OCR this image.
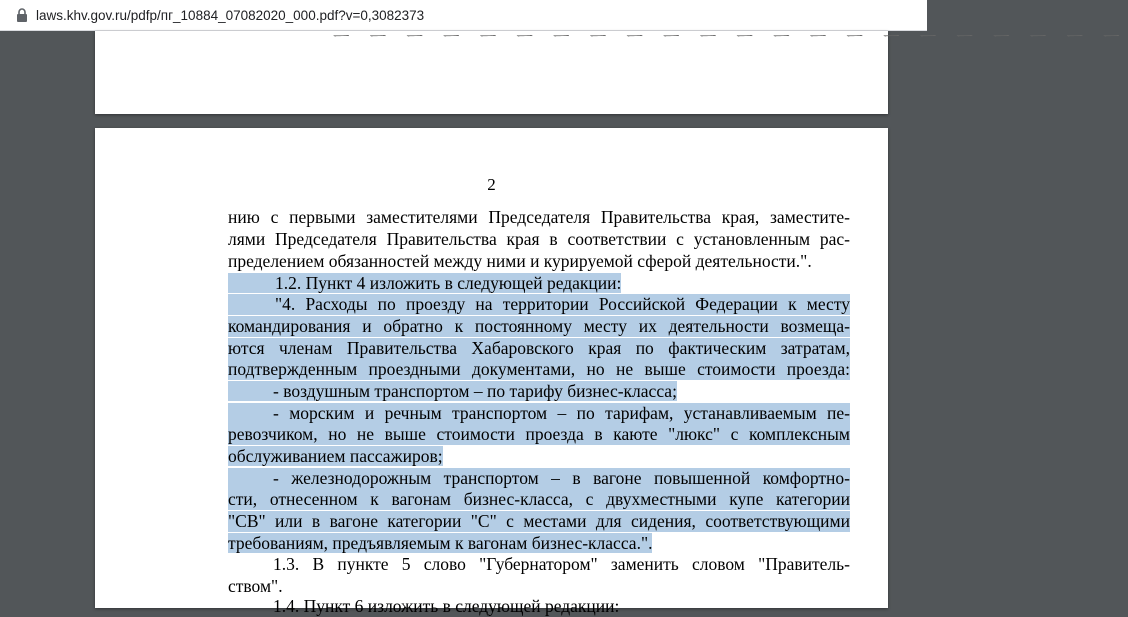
laws.khv.gov.ru/pdfp/пг_10884_07082020_000.pdf?v=0,3082373
ᅳ ᅳ ᅳ ᅳ ᅳ ᅳ ᅳ ᅳ ᅳ ᅳ ᅳ ᅳ ᅳ ᅳ ᅳ ᅳ ᅳ ᅳ ᅳ ᅳ ᅳ ᅳ
2
нию с первыми заместителями Председателя Правительства края, заместите-
лями Председателя Правительства края в соответствии с установленным рас-
пределением обязанностей между ними и курируемой сферой деятельности.".
1.2. Пункт 4 изложить в следующей редакции:
"4. Расходы по проезду на территории Российской Федерации к месту
командирования и обратно к постоянному месту их деятельности возмеща-
ются членам Правительства Хабаровского края по фактическим затратам,
подтвержденным проездными документами, но не выше стоимости проезда:
- воздушным транспортом – по тарифу бизнес-класса;
- морским и речным транспортом – по тарифам, устанавливаемым пе-
ревозчиком, но не выше стоимости проезда в каюте "люкс" с комплексным
обслуживанием пассажиров;
- железнодорожным транспортом – в вагоне повышенной комфортно-
сти, отнесенном к вагонам бизнес-класса, с двухместными купе категории
"СВ" или в вагоне категории "С" с местами для сидения, соответствующими
требованиям, предъявляемым к вагонам бизнес-класса.".
1.3. В пункте 5 слово "Губернатором" заменить словом "Правитель-
ством".
1.4. Пункт 6 изложить в следующей редакции:
